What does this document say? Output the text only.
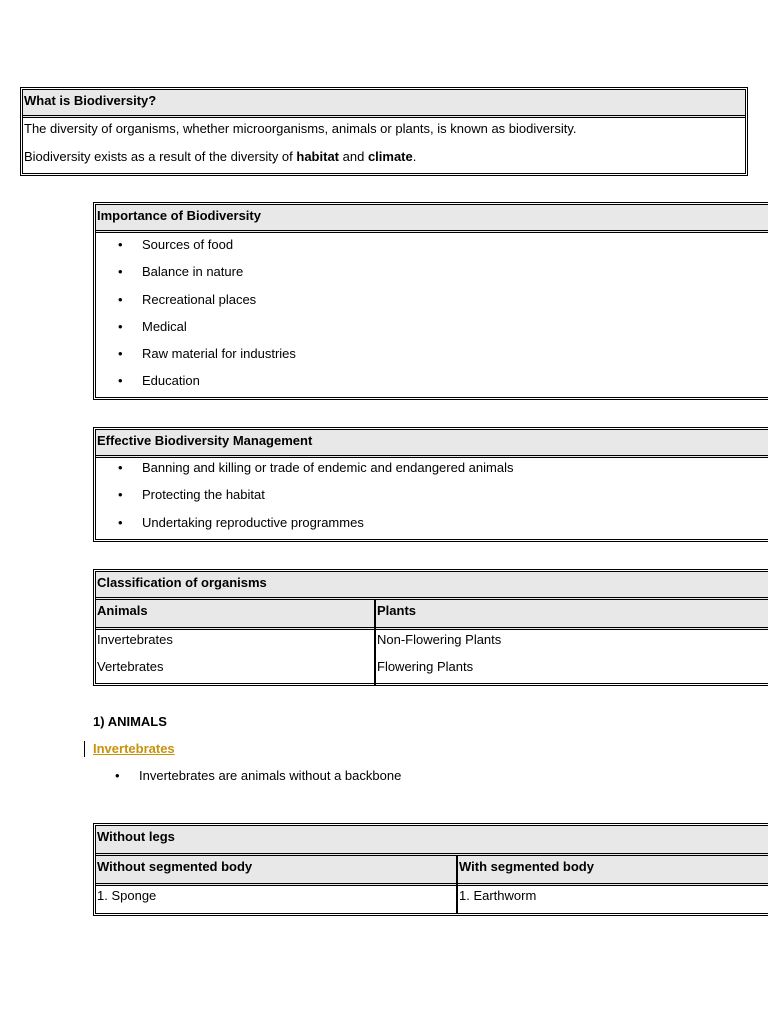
What is Biodiversity?
The diversity of organisms, whether microorganisms, animals or plants, is known as biodiversity.
Biodiversity exists as a result of the diversity of habitat and climate.
Importance of Biodiversity
• Sources of food
• Balance in nature
• Recreational places
• Medical
• Raw material for industries
• Education
Effective Biodiversity Management
• Banning and killing or trade of endemic and endangered animals
• Protecting the habitat
• Undertaking reproductive programmes
Classification of organisms
Animals
Invertebrates
Vertebrates
Plants
Non-Flowering Plants
Flowering Plants
1) ANIMALS
Invertebrates
• Invertebrates are animals without a backbone
Without legs
Without segmented body
1. Sponge
With segmented body
1. Earthworm
